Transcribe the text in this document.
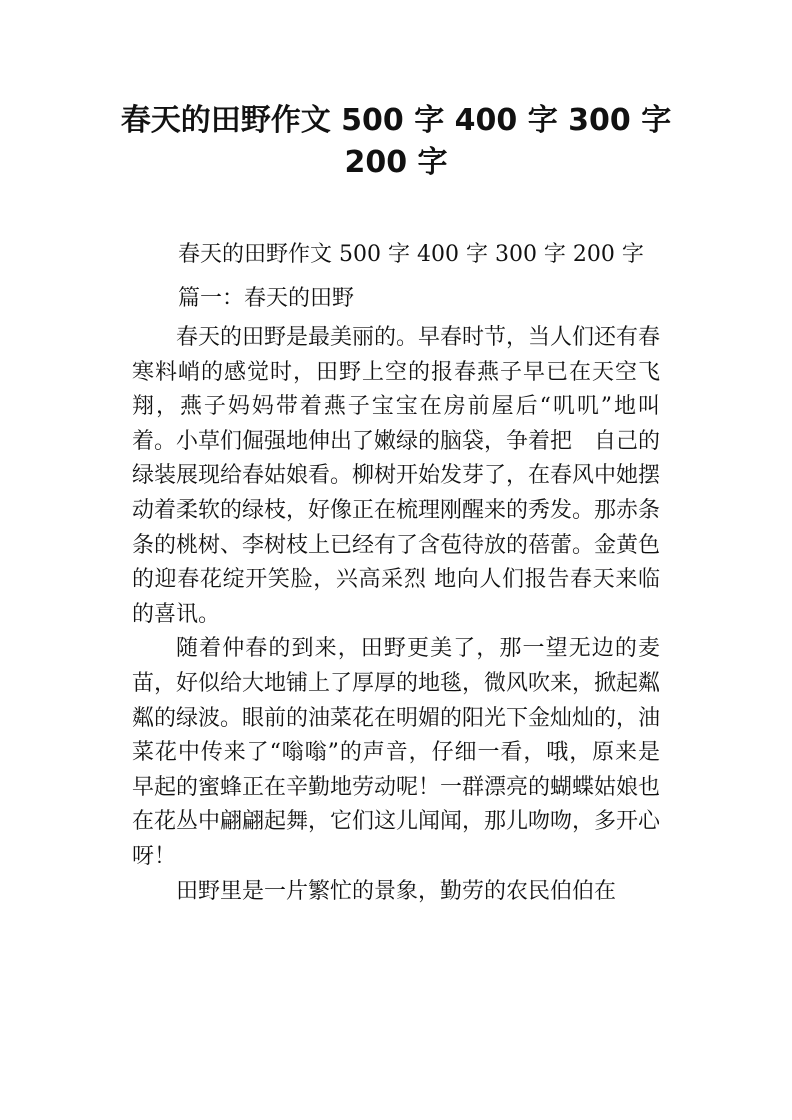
春天的田野作文 500 字 400 字 300 字
200 字

春天的田野作文 500 字 400 字 300 字 200 字

篇一：春天的田野

春天的田野是最美丽的。早春时节，当人们还有春寒料峭的感觉时，田野上空的报春燕子早已在天空飞翔，燕子妈妈带着燕子宝宝在房前屋后“叽叽”地叫着。小草们倔强地伸出了嫩绿的脑袋，争着把　自己的绿装展现给春姑娘看。柳树开始发芽了，在春风中她摆动着柔软的绿枝，好像正在梳理刚醒来的秀发。那赤条条的桃树、李树枝上已经有了含苞待放的蓓蕾。金黄色的迎春花绽开笑脸，兴高采烈 地向人们报告春天来临的喜讯。

随着仲春的到来，田野更美了，那一望无边的麦苗，好似给大地铺上了厚厚的地毯，微风吹来，掀起粼粼的绿波。眼前的油菜花在明媚的阳光下金灿灿的，油菜花中传来了“嗡嗡”的声音，仔细一看，哦，原来是早起的蜜蜂正在辛勤地劳动呢！一群漂亮的蝴蝶姑娘也在花丛中翩翩起舞，它们这儿闻闻，那儿吻吻，多开心呀！

田野里是一片繁忙的景象，勤劳的农民伯伯在
